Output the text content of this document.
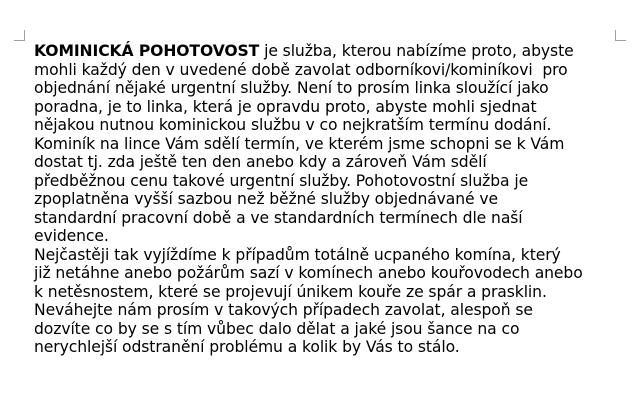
KOMINICKÁ POHOTOVOST je služba, kterou nabízíme proto, abyste
mohli každý den v uvedené době zavolat odborníkovi/kominíkovi  pro
objednání nějaké urgentní služby. Není to prosím linka sloužící jako
poradna, je to linka, která je opravdu proto, abyste mohli sjednat
nějakou nutnou kominickou službu v co nejkratším termínu dodání.
Kominík na lince Vám sdělí termín, ve kterém jsme schopni se k Vám
dostat tj. zda ještě ten den anebo kdy a zároveň Vám sdělí
předběžnou cenu takové urgentní služby. Pohotovostní služba je
zpoplatněna vyšší sazbou než běžné služby objednávané ve
standardní pracovní době a ve standardních termínech dle naší
evidence.
Nejčastěji tak vyjíždíme k případům totálně ucpaného komína, který
již netáhne anebo požárům sazí v komínech anebo kouřovodech anebo
k netěsnostem, které se projevují únikem kouře ze spár a prasklin.
Neváhejte nám prosím v takových případech zavolat, alespoň se
dozvíte co by se s tím vůbec dalo dělat a jaké jsou šance na co
nerychlejší odstranění problému a kolik by Vás to stálo.
